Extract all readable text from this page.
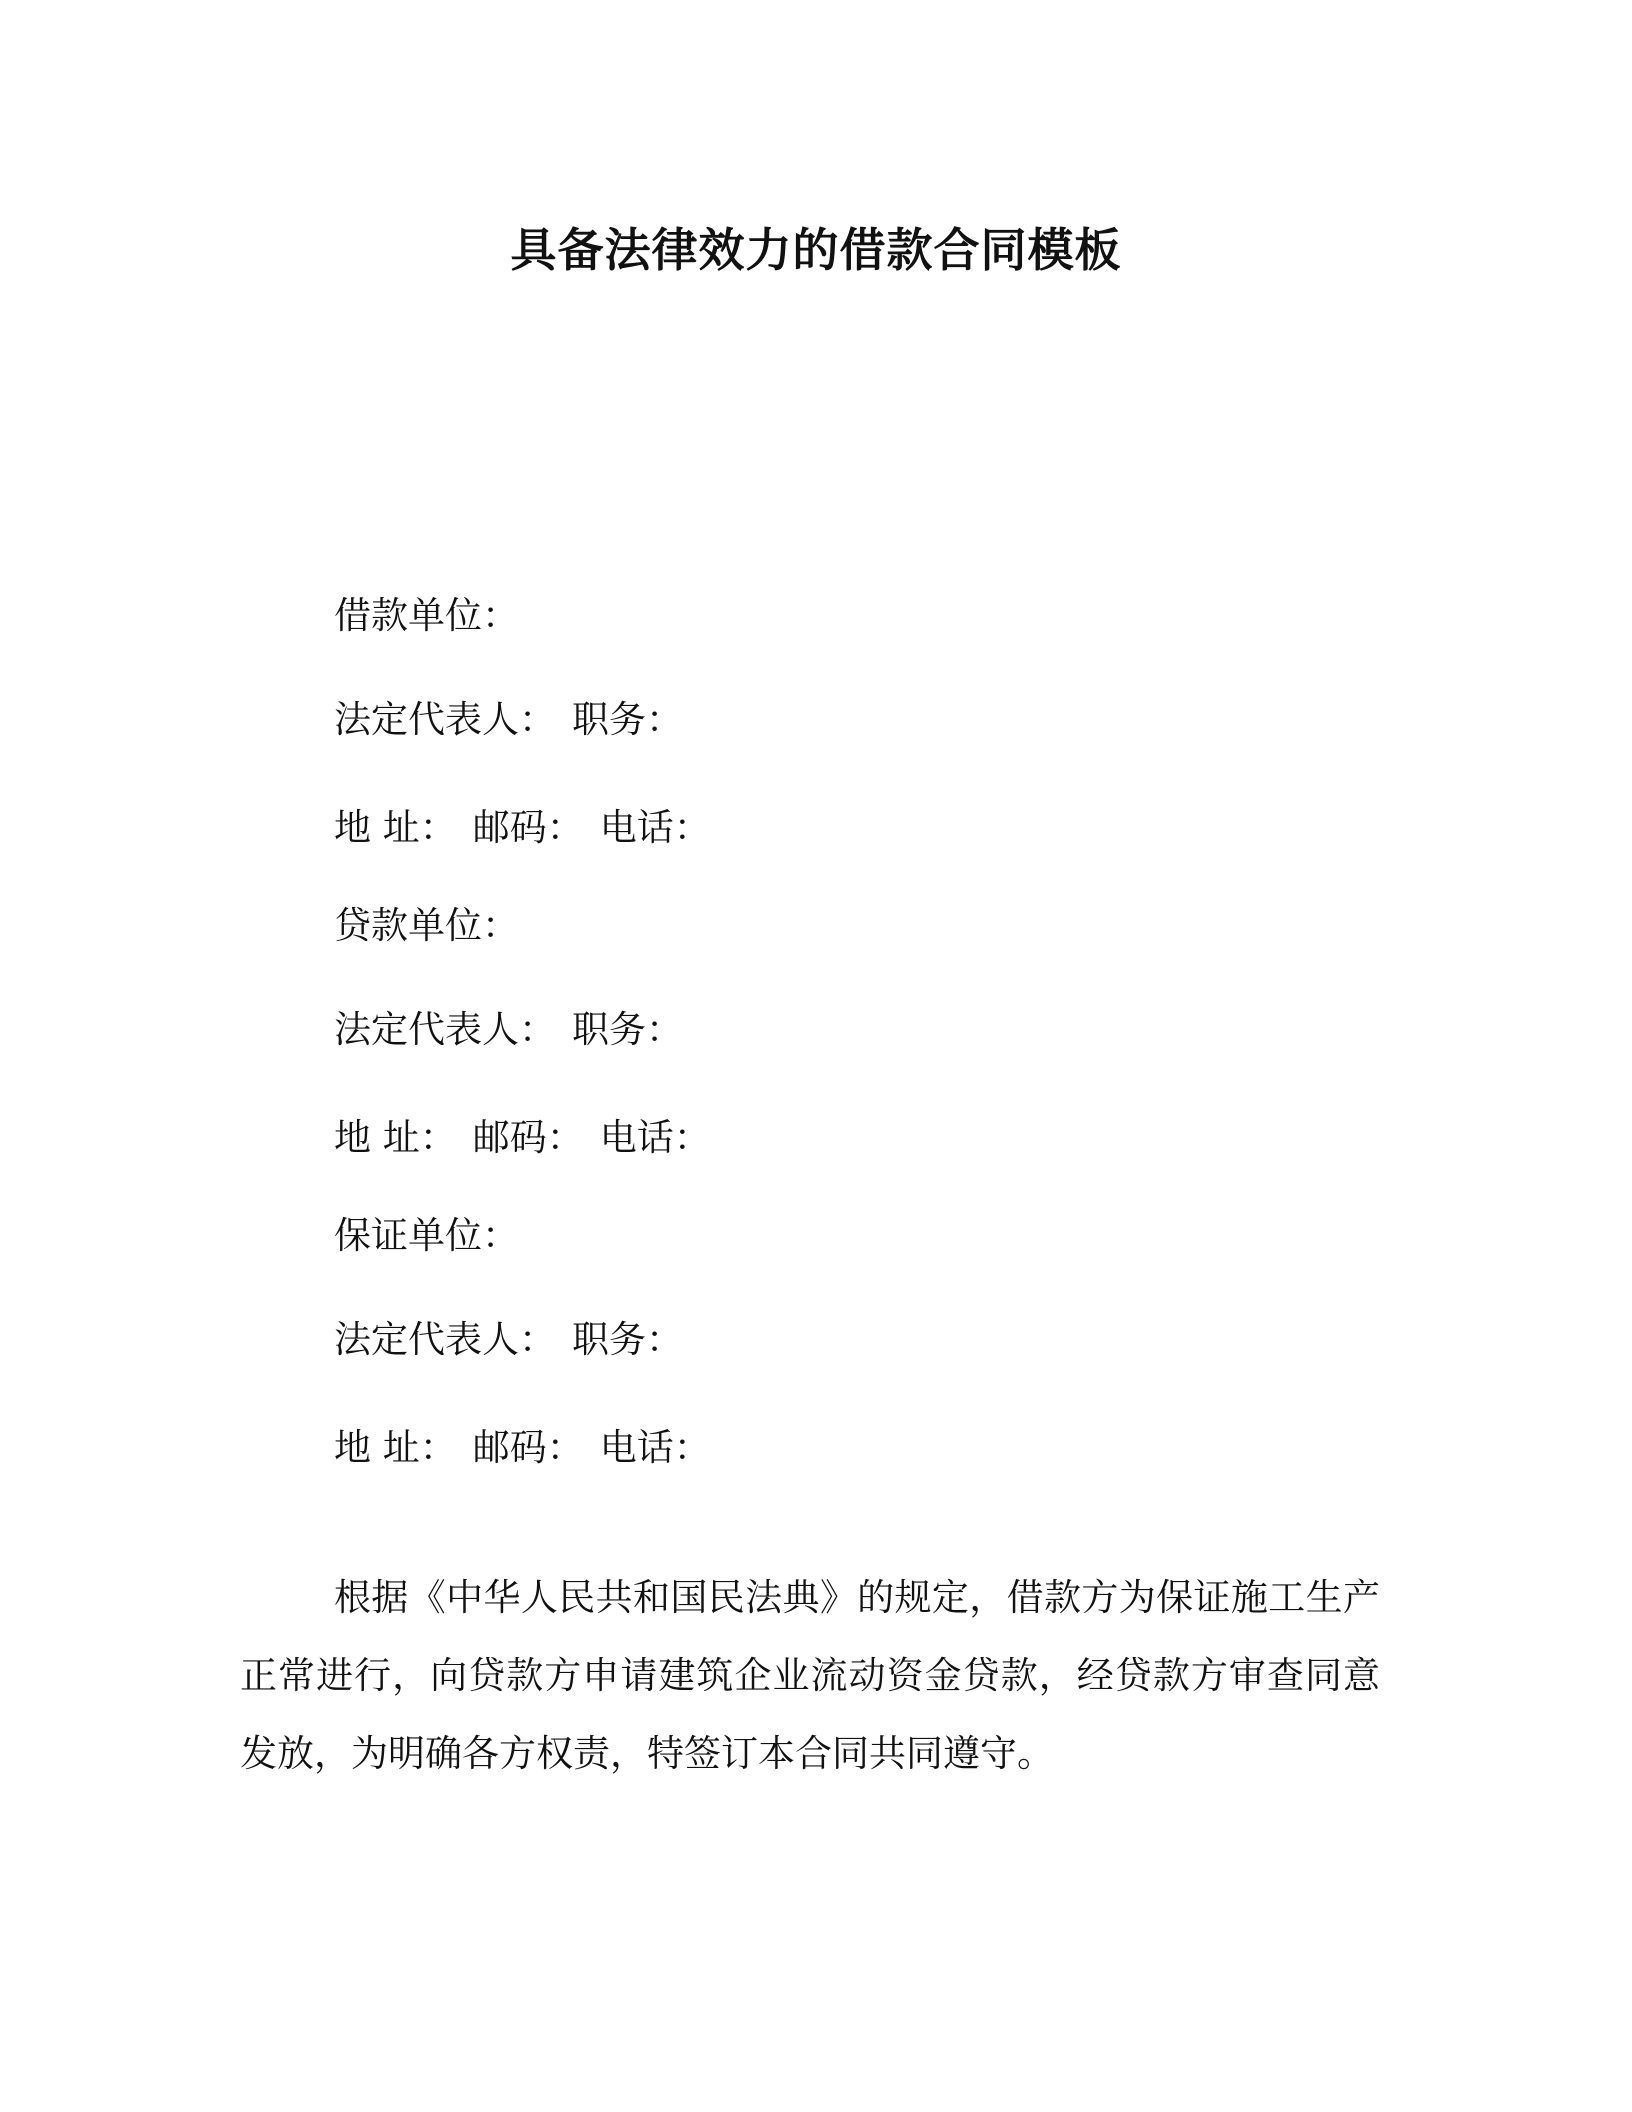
具备法律效力的借款合同模板
借款单位：
法定代表人： 职务：
地 址： 邮码： 电话：
贷款单位：
法定代表人： 职务：
地 址： 邮码： 电话：
保证单位：
法定代表人： 职务：
地 址： 邮码： 电话：

根据《中华人民共和国民法典》的规定，借款方为保证施工生产正常进行，向贷款方申请建筑企业流动资金贷款，经贷款方审查同意发放，为明确各方权责，特签订本合同共同遵守。
